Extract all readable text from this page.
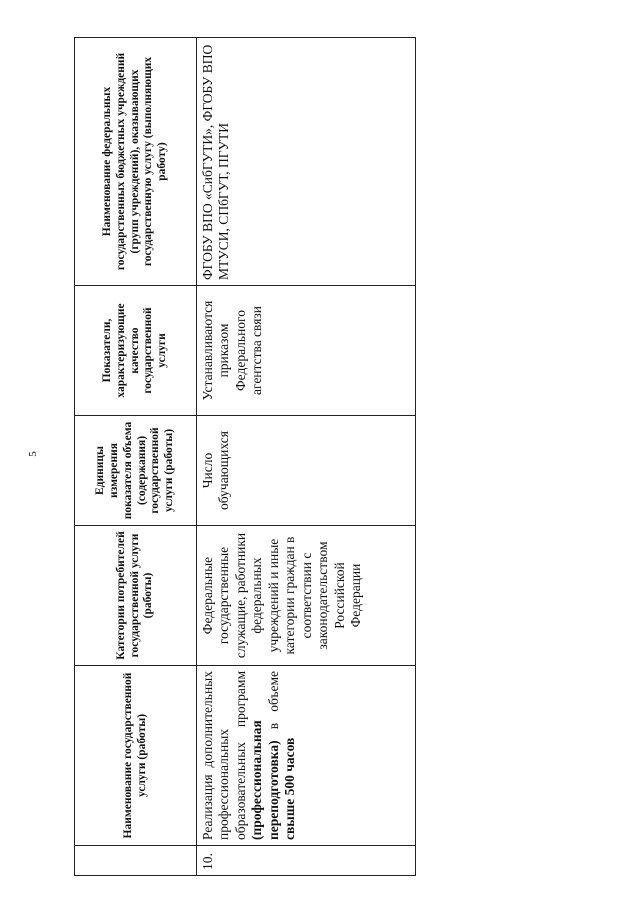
5
	Наименование государственной услуги (работы)	Категории потребителей государственной услуги (работы)	Единицы измерения показателя объема (содержания) государственной услуги (работы)	Показатели, характеризующие качество государственной услуги	Наименование федеральных государственных бюджетных учреждений (групп учреждений), оказывающих государственную услугу (выполняющих работу)
10.	Реализация дополнительных профессиональных образовательных программ (профессиональная переподготовка) в объеме свыше 500 часов	Федеральные государственные служащие, работники федеральных учреждений и иные категории граждан в соответствии с законодательством Российской Федерации	Число обучающихся	Устанавливаются приказом Федерального агентства связи	ФГОБУ ВПО «СибГУТИ», ФГОБУ ВПО МТУСИ, СПбГУТ, ПГУТИ
